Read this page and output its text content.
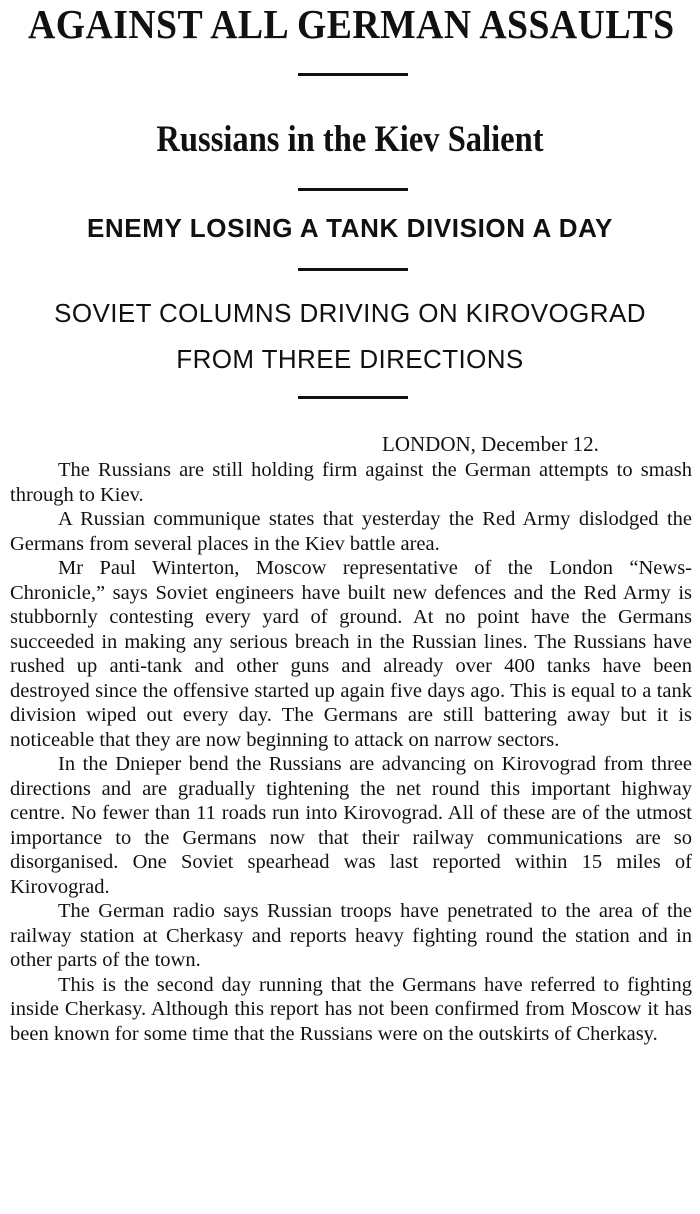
AGAINST ALL GERMAN ASSAULTS
Russians in the Kiev Salient
ENEMY LOSING A TANK DIVISION A DAY
SOVIET COLUMNS DRIVING ON KIROVOGRAD
FROM THREE DIRECTIONS
LONDON, December 12.

The Russians are still holding firm against the German attempts to smash through to Kiev.

A Russian communique states that yesterday the Red Army dislodged the Germans from several places in the Kiev battle area.

Mr Paul Winterton, Moscow representative of the London “News-Chronicle,” says Soviet engineers have built new defences and the Red Army is stubbornly contesting every yard of ground. At no point have the Germans succeeded in making any serious breach in the Russian lines. The Russians have rushed up anti-tank and other guns and already over 400 tanks have been destroyed since the offensive started up again five days ago. This is equal to a tank division wiped out every day. The Germans are still battering away but it is noticeable that they are now beginning to attack on narrow sectors.

In the Dnieper bend the Russians are advancing on Kirovograd from three directions and are gradually tightening the net round this important highway centre. No fewer than 11 roads run into Kirovograd. All of these are of the utmost importance to the Germans now that their railway communications are so disorganised. One Soviet spearhead was last reported within 15 miles of Kirovograd.

The German radio says Russian troops have penetrated to the area of the railway station at Cherkasy and reports heavy fighting round the station and in other parts of the town.

This is the second day running that the Germans have referred to fighting inside Cherkasy. Although this report has not been confirmed from Moscow it has been known for some time that the Russians were on the outskirts of Cherkasy.
